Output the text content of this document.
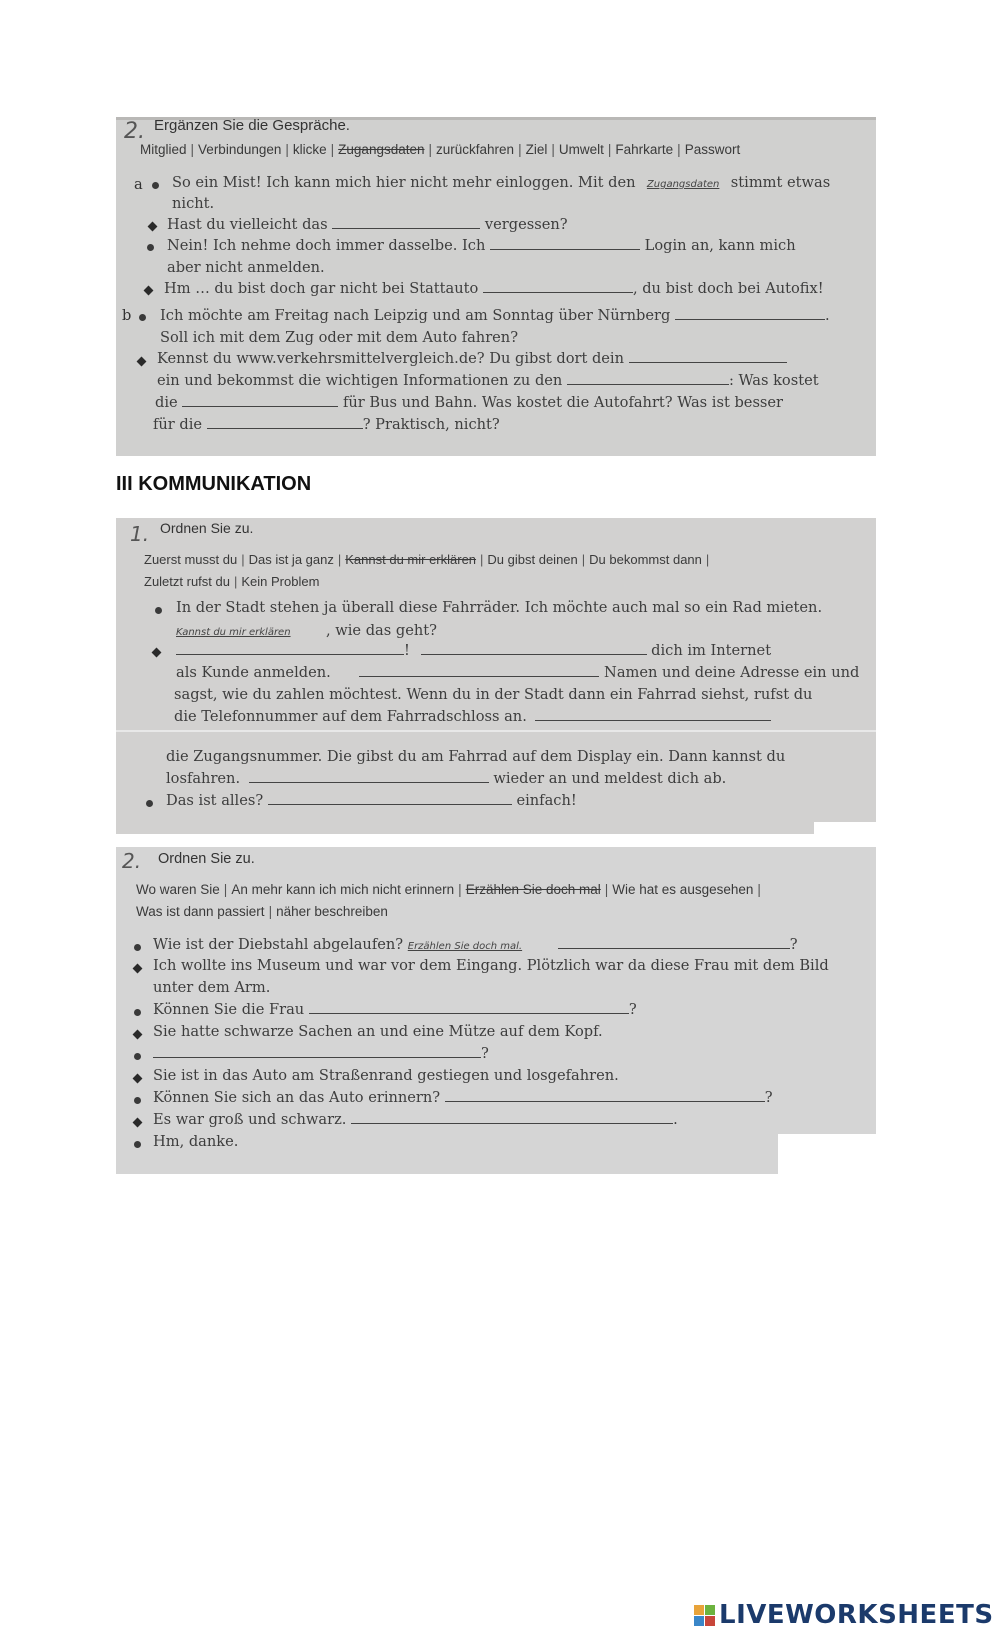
2. Ergänzen Sie die Gespräche.
Mitglied | Verbindungen | klicke | Zugangsdaten | zurückfahren | Ziel | Umwelt | Fahrkarte | Passwort
a So ein Mist! Ich kann mich hier nicht mehr einloggen. Mit den Zugangsdaten stimmt etwas
nicht.
Hast du vielleicht das	vergessen?
Nein! Ich nehme doch immer dasselbe. Ich	Login an, kann mich
aber nicht anmelden.
Hm … du bist doch gar nicht bei Stattauto	, du bist doch bei Autofix!
b Ich möchte am Freitag nach Leipzig und am Sonntag über Nürnberg	.
Soll ich mit dem Zug oder mit dem Auto fahren?
Kennst du www.verkehrsmittelvergleich.de? Du gibst dort dein
ein und bekommst die wichtigen Informationen zu den	: Was kostet
die	für Bus und Bahn. Was kostet die Autofahrt? Was ist besser
für die	? Praktisch, nicht?
III KOMMUNIKATION
1. Ordnen Sie zu.
Zuerst musst du | Das ist ja ganz | Kannst du mir erklären | Du gibst deinen | Du bekommst dann |
Zuletzt rufst du | Kein Problem
In der Stadt stehen ja überall diese Fahrräder. Ich möchte auch mal so ein Rad mieten.
Kannst du mir erklären , wie das geht?
!	dich im Internet
als Kunde anmelden.	Namen und deine Adresse ein und
sagst, wie du zahlen möchtest. Wenn du in der Stadt dann ein Fahrrad siehst, rufst du
die Telefonnummer auf dem Fahrradschloss an.
die Zugangsnummer. Die gibst du am Fahrrad auf dem Display ein. Dann kannst du
losfahren.	wieder an und meldest dich ab.
Das ist alles?	einfach!
2. Ordnen Sie zu.
Wo waren Sie | An mehr kann ich mich nicht erinnern | Erzählen Sie doch mal | Wie hat es ausgesehen |
Was ist dann passiert | näher beschreiben
Wie ist der Diebstahl abgelaufen? Erzählen Sie doch mal.	?
Ich wollte ins Museum und war vor dem Eingang. Plötzlich war da diese Frau mit dem Bild
unter dem Arm.
Können Sie die Frau	?
Sie hatte schwarze Sachen an und eine Mütze auf dem Kopf.
?
Sie ist in das Auto am Straßenrand gestiegen und losgefahren.
Können Sie sich an das Auto erinnern?	?
Es war groß und schwarz.	.
Hm, danke.
LIVEWORKSHEETS
